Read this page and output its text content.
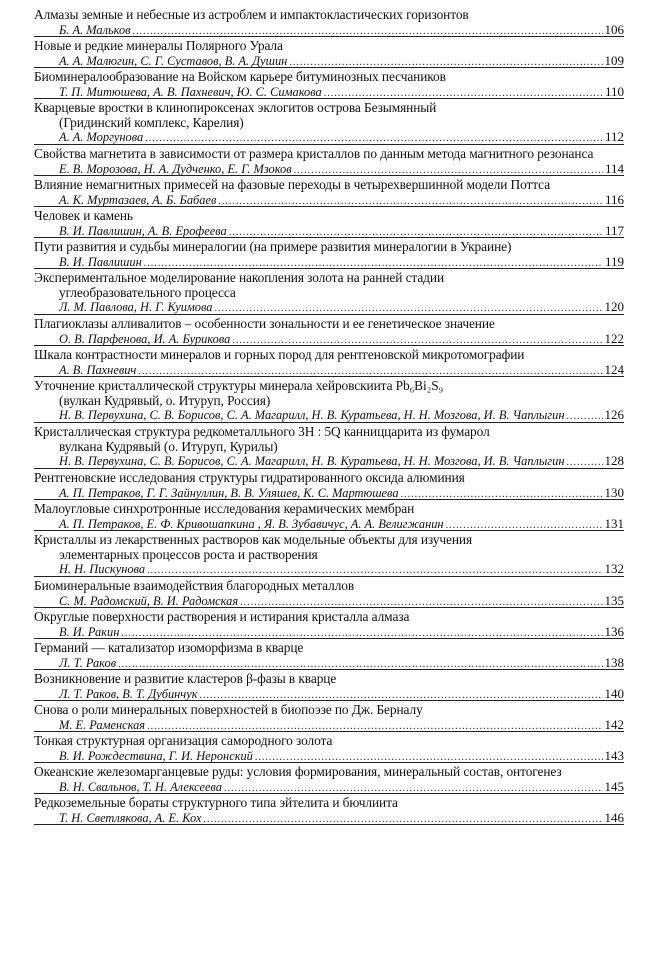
Алмазы земные и небесные из астроблем и импактокластических горизонтов
Б. А. Мальков .....	106
Новые и редкие минералы Полярного Урала
А. А. Малюгин, С. Г. Суставов, В. А. Душин .....	109
Биоминералообразование на Войском карьере битуминозных песчаников
Т. П. Митюшева, А. В. Пахневич, Ю. С. Симакова .....	110
Кварцевые вростки в клинопироксенах эклогитов острова Безымянный
(Гридинский комплекс, Карелия)
А. А. Моргунова .....	112
Свойства магнетита в зависимости от размера кристаллов по данным метода магнитного резонанса
Е. В. Морозова, Н. А. Дудченко, Е. Г. Мзоков .....	114
Влияние немагнитных примесей на фазовые переходы в четырехвершинной модели Поттса
А. К. Муртазаев, А. Б. Бабаев .....	116
Человек и камень
В. И. Павлишин, А. В. Ерофеева .....	117
Пути развития и судьбы минералогии (на примере развития минералогии в Украине)
В. И. Павлишин .....	119
Экспериментальное моделирование накопления золота на ранней стадии
углеобразовательного процесса
Л. М. Павлова, Н. Г. Куимова .....	120
Плагиоклазы алливалитов – особенности зональности и ее генетическое значение
О. В. Парфенова, И. А. Бурикова .....	122
Шкала контрастности минералов и горных пород для рентгеновской микротомографии
А. В. Пахневич .....	124
Уточнение кристаллической структуры минерала хейровскиита Pb₆Bi₂S₉
(вулкан Кудрявый, о. Итуруп, Россия)
Н. В. Первухина, С. В. Борисов, С. А. Магарилл, Н. В. Куратьева, Н. Н. Мозгова, И. В. Чаплыгин .....	126
Кристаллическая структура редкометалльного 3Н : 5Q канниццарита из фумарол
вулкана Кудрявый (о. Итуруп, Курилы)
Н. В. Первухина, С. В. Борисов, С. А. Магарилл, Н. В. Куратьева, Н. Н. Мозгова, И. В. Чаплыгин .....	128
Рентгеновские исследования структуры гидратированного оксида алюминия
А. П. Петраков, Г. Г. Зайнуллин, В. В. Уляшев, К. С. Мартюшева .....	130
Малоугловые синхротронные исследования керамических мембран
А. П. Петраков, Е. Ф. Кривошапкина , Я. В. Зубавичус, А. А. Велигжанин .....	131
Кристаллы из лекарственных растворов как модельные объекты для изучения
элементарных процессов роста и растворения
Н. Н. Пискунова .....	132
Биоминеральные взаимодействия благородных металлов
С. М. Радомский, В. И. Радомская .....	135
Округлые поверхности растворения и истирания кристалла алмаза
В. И. Ракин .....	136
Германий — катализатор изоморфизма в кварце
Л. Т. Раков .....	138
Возникновение и развитие кластеров β-фазы в кварце
Л. Т. Раков, В. Т. Дубинчук .....	140
Снова о роли минеральных поверхностей в биопоэзе по Дж. Берналу
М. Е. Раменская .....	142
Тонкая структурная организация самородного золота
В. И. Рождествина, Г. И. Неронский .....	143
Океанские железомарганцевые руды: условия формирования, минеральный состав, онтогенез
В. Н. Свальнов, Т. Н. Алексеева .....	145
Редкоземельные бораты структурного типа эйтелита и бючлиита
Т. Н. Светлякова, А. Е. Кох .....	146
